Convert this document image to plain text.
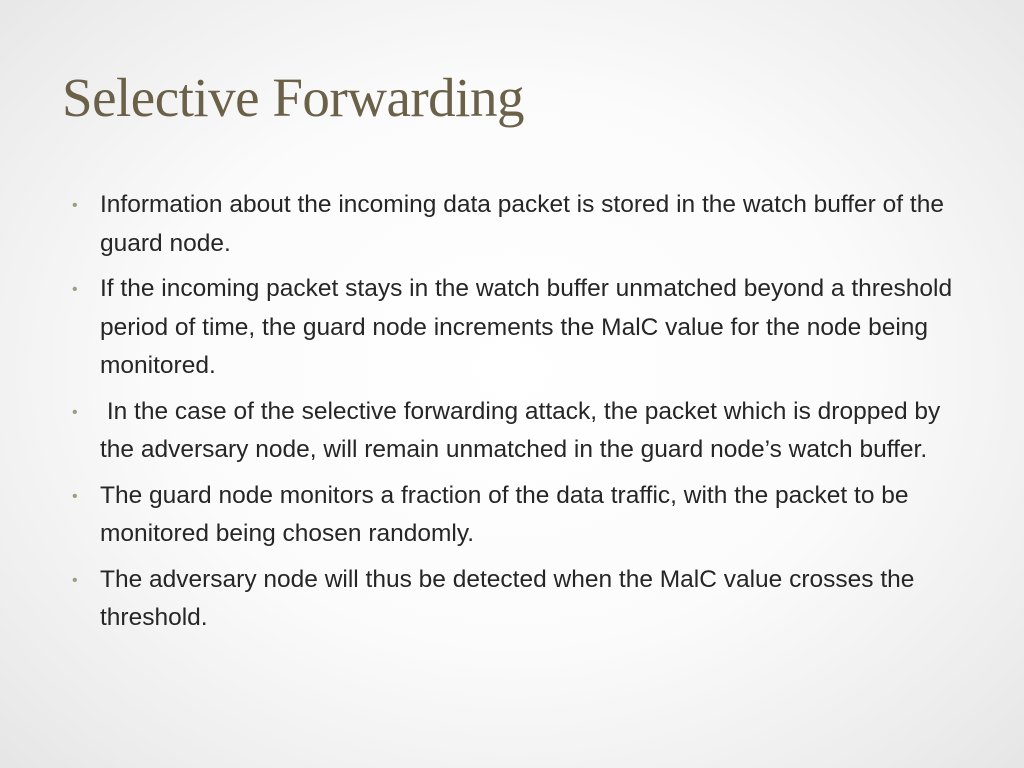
Selective Forwarding
• Information about the incoming data packet is stored in the watch buffer of the guard node.
• If the incoming packet stays in the watch buffer unmatched beyond a threshold period of time, the guard node increments the MalC value for the node being monitored.
• In the case of the selective forwarding attack, the packet which is dropped by the adversary node, will remain unmatched in the guard node’s watch buffer.
• The guard node monitors a fraction of the data traffic, with the packet to be monitored being chosen randomly.
• The adversary node will thus be detected when the MalC value crosses the threshold.
